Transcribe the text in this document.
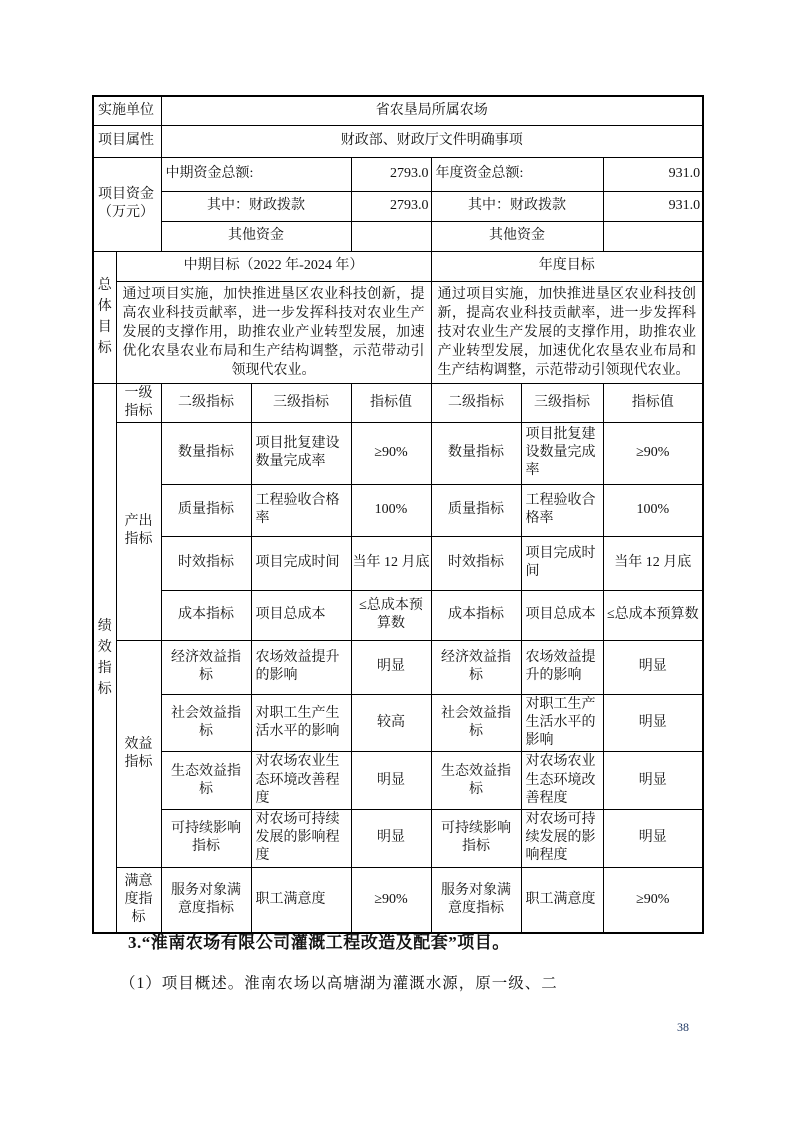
实施单位		省农垦局所属农场					
项目属性		财政部、财政厅文件明确事项					
项目资金（万元）		中期资金总额:		2793.0	年度资金总额:		931.0
		其中：财政拨款		2793.0	其中：财政拨款		931.0
		其他资金			其他资金		
总体目标	中期目标（2022 年-2024 年）				年度目标		
	通过项目实施，加快推进垦区农业科技创新，提高农业科技贡献率，进一步发挥科技对农业生产发展的支撑作用，助推农业产业转型发展，加速优化农垦农业布局和生产结构调整，示范带动引领现代农业。				通过项目实施，加快推进垦区农业科技创新，提高农业科技贡献率，进一步发挥科技对农业生产发展的支撑作用，助推农业产业转型发展，加速优化农垦农业布局和生产结构调整，示范带动引领现代农业。		
绩效指标	一级指标	二级指标	三级指标	指标值	二级指标	三级指标	指标值
	产出指标	数量指标	项目批复建设数量完成率	≥90%	数量指标	项目批复建设数量完成率	≥90%
		质量指标	工程验收合格率	100%	质量指标	工程验收合格率	100%
		时效指标	项目完成时间	当年 12 月底	时效指标	项目完成时间	当年 12 月底
		成本指标	项目总成本	≤总成本预算数	成本指标	项目总成本	≤总成本预算数
	效益指标	经济效益指标	农场效益提升的影响	明显	经济效益指标	农场效益提升的影响	明显
		社会效益指标	对职工生产生活水平的影响	较高	社会效益指标	对职工生产生活水平的影响	明显
		生态效益指标	对农场农业生态环境改善程度	明显	生态效益指标	对农场农业生态环境改善程度	明显
		可持续影响指标	对农场可持续发展的影响程度	明显	可持续影响指标	对农场可持续发展的影响程度	明显
	满意度指标	服务对象满意度指标	职工满意度	≥90%	服务对象满意度指标	职工满意度	≥90%
3.“淮南农场有限公司灌溉工程改造及配套”项目。
（1）项目概述。淮南农场以高塘湖为灌溉水源，原一级、二
38
